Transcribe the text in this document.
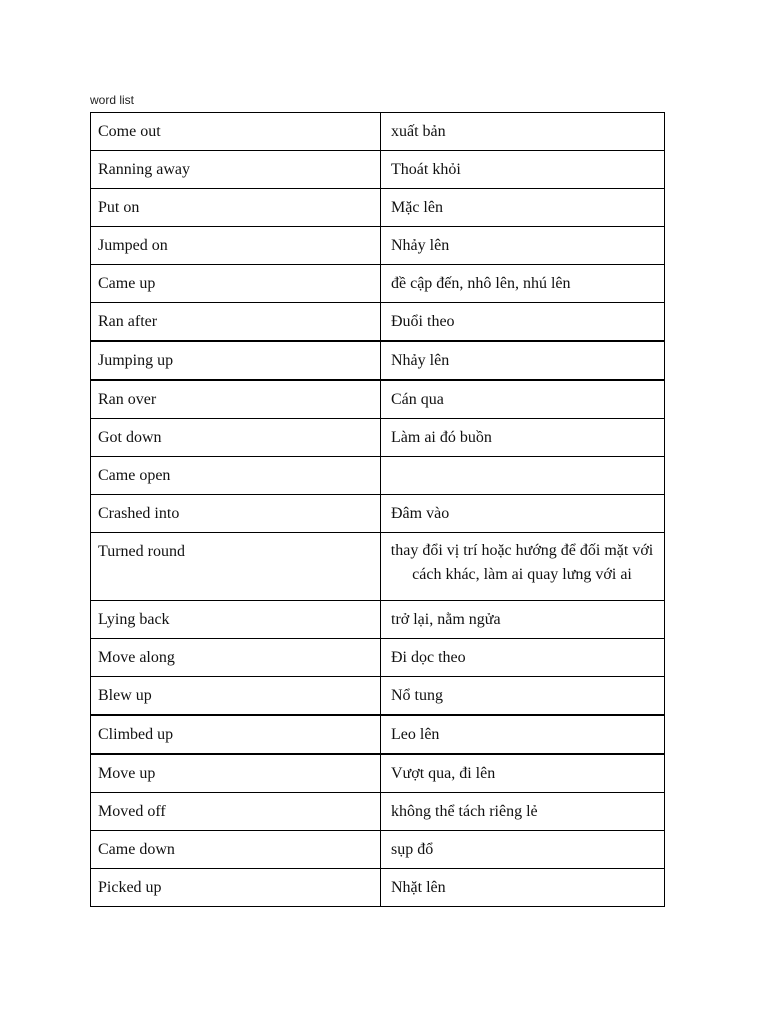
word list
Come out	xuất bản
Ranning away	Thoát khỏi
Put on	Mặc lên
Jumped on	Nhảy lên
Came up	đề cập đến, nhô lên, nhú lên
Ran after	Đuổi theo
Jumping up	Nhảy lên
Ran over	Cán qua
Got down	Làm ai đó buồn
Came open	
Crashed into	Đâm vào
Turned round	thay đổi vị trí hoặc hướng để đối mặt với cách khác, làm ai quay lưng với ai
Lying back	trở lại, nằm ngửa
Move along	Đi dọc theo
Blew up	Nổ tung
Climbed up	Leo lên
Move up	Vượt qua, đi lên
Moved off	không thể tách riêng lẻ
Came down	sụp đổ
Picked up	Nhặt lên
